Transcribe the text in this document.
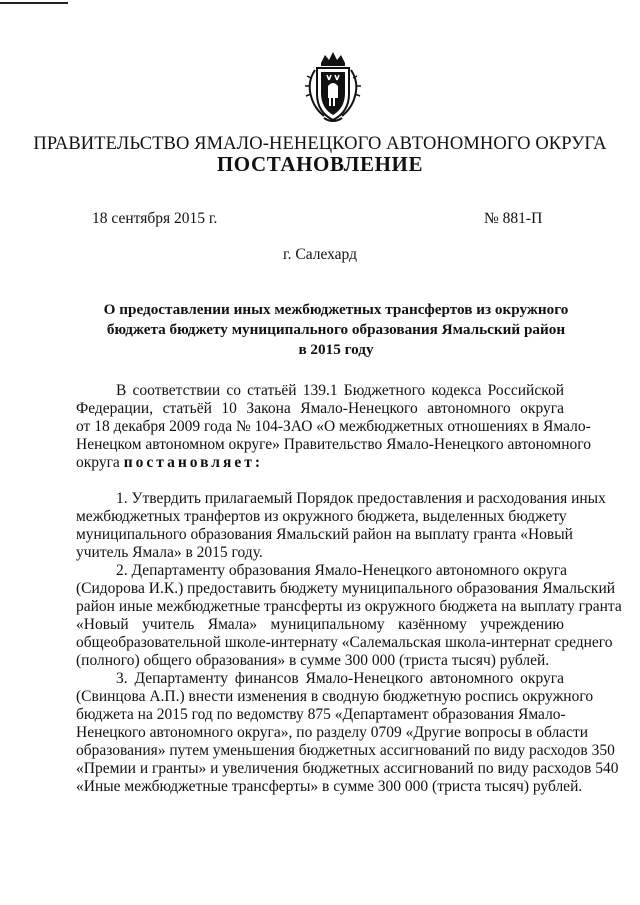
ПРАВИТЕЛЬСТВО ЯМАЛО-НЕНЕЦКОГО АВТОНОМНОГО ОКРУГА
ПОСТАНОВЛЕНИЕ
18 сентября 2015 г.	№ 881-П
г. Салехард
О предоставлении иных межбюджетных трансфертов из окружного
бюджета бюджету муниципального образования Ямальский район
в 2015 году
В соответствии со статьёй 139.1 Бюджетного кодекса Российской
Федерации, статьёй 10 Закона Ямало-Ненецкого автономного округа
от 18 декабря 2009 года № 104-ЗАО «О межбюджетных отношениях в Ямало-
Ненецком автономном округе» Правительство Ямало-Ненецкого автономного
округа постановляет:
1. Утвердить прилагаемый Порядок предоставления и расходования иных
межбюджетных транфертов из окружного бюджета, выделенных бюджету
муниципального образования Ямальский район на выплату гранта «Новый
учитель Ямала» в 2015 году.
2. Департаменту образования Ямало-Ненецкого автономного округа
(Сидорова И.К.) предоставить бюджету муниципального образования Ямальский
район иные межбюджетные трансферты из окружного бюджета на выплату гранта
«Новый учитель Ямала» муниципальному казённому учреждению
общеобразовательной школе-интернату «Салемальская школа-интернат среднего
(полного) общего образования» в сумме 300 000 (триста тысяч) рублей.
3. Департаменту финансов Ямало-Ненецкого автономного округа
(Свинцова А.П.) внести изменения в сводную бюджетную роспись окружного
бюджета на 2015 год по ведомству 875 «Департамент образования Ямало-
Ненецкого автономного округа», по разделу 0709 «Другие вопросы в области
образования» путем уменьшения бюджетных ассигнований по виду расходов 350
«Премии и гранты» и увеличения бюджетных ассигнований по виду расходов 540
«Иные межбюджетные трансферты» в сумме 300 000 (триста тысяч) рублей.
